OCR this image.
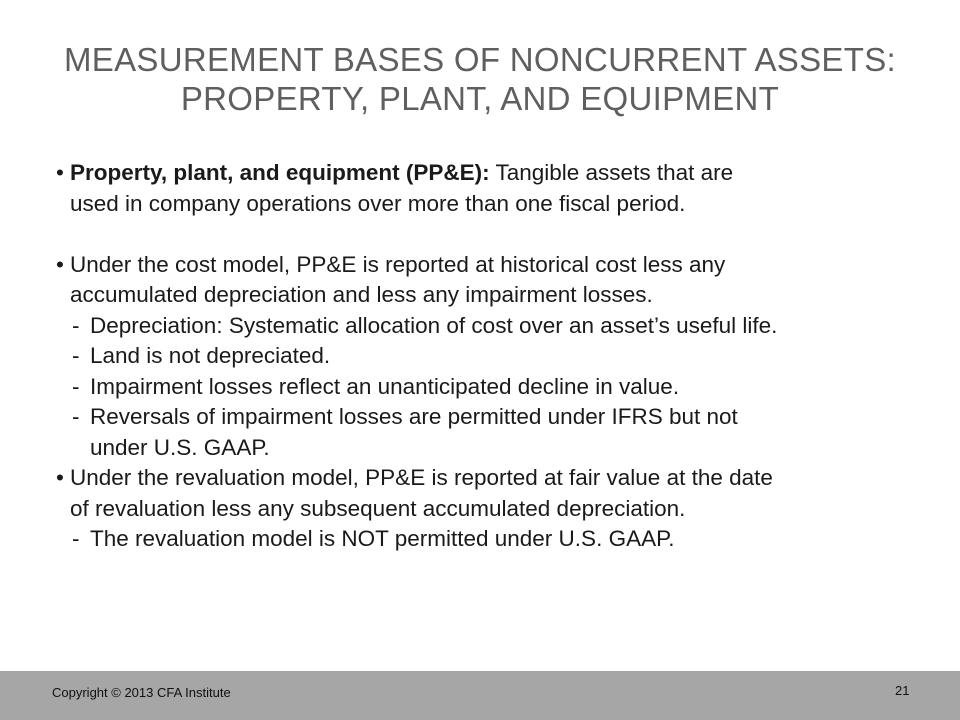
MEASUREMENT BASES OF NONCURRENT ASSETS:
PROPERTY, PLANT, AND EQUIPMENT
• Property, plant, and equipment (PP&E): Tangible assets that are
used in company operations over more than one fiscal period.
• Under the cost model, PP&E is reported at historical cost less any
accumulated depreciation and less any impairment losses.
- Depreciation: Systematic allocation of cost over an asset’s useful life.
- Land is not depreciated.
- Impairment losses reflect an unanticipated decline in value.
- Reversals of impairment losses are permitted under IFRS but not
under U.S. GAAP.
• Under the revaluation model, PP&E is reported at fair value at the date
of revaluation less any subsequent accumulated depreciation.
- The revaluation model is NOT permitted under U.S. GAAP.
Copyright © 2013 CFA Institute	21
